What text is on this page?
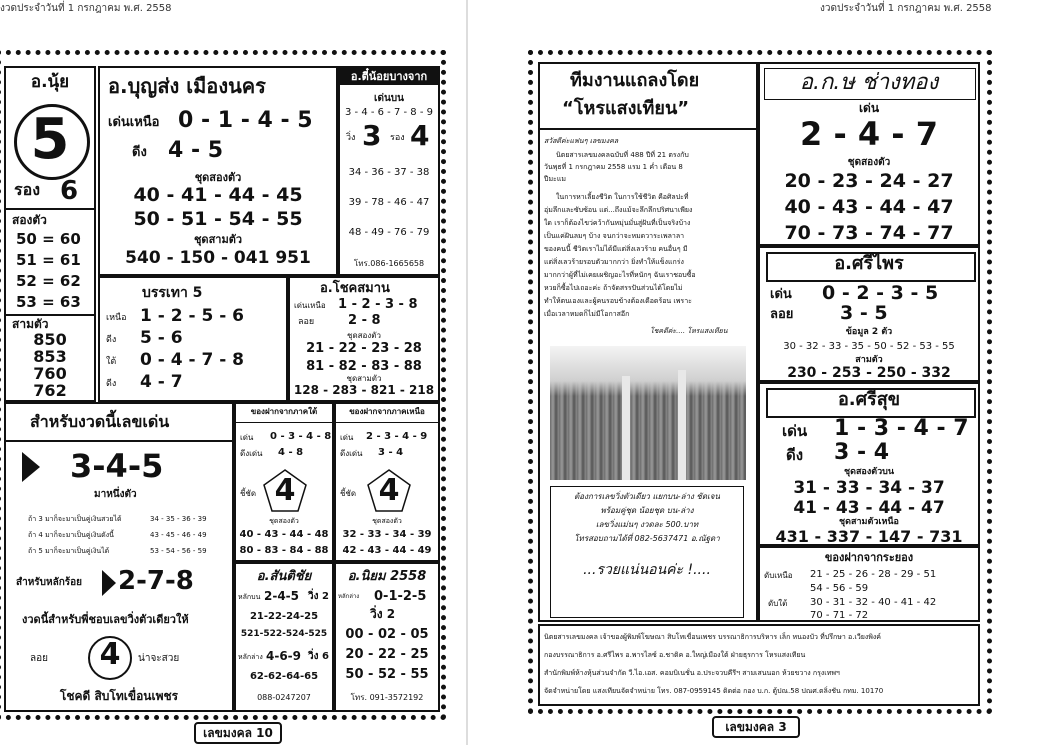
งวดประจำวันที่ 1 กรกฎาคม พ.ศ. 2558
อ.นุ้ย
5
รอง 6
สองตัว
50 = 60
51 = 61
52 = 62
53 = 63
สามตัว
850
853
760
762
อ.บุญส่ง เมืองนคร
เด่นเหนือ 0 - 1 - 4 - 5
ดีง 4 - 5
ชุดสองตัว
40 - 41 - 44 - 45
50 - 51 - 54 - 55
ชุดสามตัว
540 - 150 - 041 951
อ.ตี๋น้อยบางจาก
เด่นบน
3 - 4 - 6 - 7 - 8 - 9
วิ่ง 3 รอง 4
34 - 36 - 37 - 38
39 - 78 - 46 - 47
48 - 49 - 76 - 79
โทร.086-1665658
บรรเทา 5
เหนือ 1 - 2 - 5 - 6
ดีง 5 - 6
ใต้ 0 - 4 - 7 - 8
ดีง 4 - 7
อ.โชคสมาน
เด่นเหนือ 1 - 2 - 3 - 8
ลอย	2 - 8
ชุดสองตัว
21 - 22 - 23 - 28
81 - 82 - 83 - 88
ชุดสามตัว
128 - 283 - 821 - 218
สำหรับงวดนี้เลขเด่น
3-4-5
มาหนึ่งตัว
ถ้า 3 มาก็จะมาเป็นคู่เงินสวยได้	34 - 35 - 36 - 39
ถ้า 4 มาก็จะมาเป็นคู่เงินดังนี้	43 - 45 - 46 - 49
ถ้า 5 มาก็จะมาเป็นคู่เงินได้	53 - 54 - 56 - 59
สำหรับหลักร้อย 2-7-8
งวดนี้สำหรับพี่ชอบเลขวิ่งตัวเดียวให้
ลอย	4	น่าจะสวย
โชคดี สิบโทเขื่อนเพชร
ของฝากจากภาคใต้
เด่น 0 - 3 - 4 - 8
ดีงเด่น 4 - 8
ชี้ชัด 4
ชุดสองตัว
40 - 43 - 44 - 48
80 - 83 - 84 - 88
ของฝากจากภาคเหนือ
เด่น 2 - 3 - 4 - 9
ดีงเด่น 3 - 4
ชี้ชัด 4
ชุดสองตัว
32 - 33 - 34 - 39
42 - 43 - 44 - 49
อ.สันติชัย
หลักบน 2-4-5 วิ่ง 2
21-22-24-25
521-522-524-525
หลักล่าง 4-6-9 วิ่ง 6
62-62-64-65
088-0247207
อ.นิยม 2558
หลักล่าง 0-1-2-5
วิ่ง 2
00 - 02 - 05
20 - 22 - 25
50 - 52 - 55
โทร. 091-3572192
เลขมงคล 10
งวดประจำวันที่ 1 กรกฎาคม พ.ศ. 2558
ทีมงานแถลงโดย
“โหรแสงเทียน”
สวัสดีค่ะแฟนๆ เลขมงคล
นิตยสารเลขมงคลฉบับที่ 488 ปีที่ 21 ตรงกับ
วันพุธที่ 1 กรกฎาคม 2558 แรม 1 ค่ำ เดือน 8
ปีมะแม
ในการหาเลี้ยงชีวิต ในการใช้ชีวิต คือศิลปะที่
อุ่มลึกและซับซ้อน แต่...ถึงแม้จะลึกลึกปริศนาเพียง
ใด เราก็ต้องไขว่คว้ากันหมุ่นมั่นสู่ฝันที่เป็นจริงบ้าง
เป็นแค่ฝันลมๆ บ้าง จนกว่าจะหมดวาระเพลาลา
ของคนนี้ ชีวิตเราไม่ได้มีแต่สิ่งเลวร้าย คนอื่นๆ มี
แต่สิ่งเลวร้ายรอบตัวมากกว่า ยิ่งทำให้แข็งแกร่ง
มากกว่าผู้ที่ไม่เคยเผชิญอะไรที่หนักๆ ฉันเราชอบซื้อ
หวยก็ซื้อไปเถอะค่ะ ถ้าจัดสรรปันส่วนได้โดยไม่
ทำให้ตนเองและผู้คนรอบข้างต้องเดือดร้อน เพราะ
เมื่อเวลาหมดก็ไม่มีโอกาสอีก
โชคดีค่ะ.... โหรแสงเทียน
ต้องการเลขวิ่งตัวเดียว แยกบน-ล่าง ชัดเจน
พร้อมคู่ชุด น้อยชุด บน-ล่าง
เลขวิ่งแม่นๆ งวดละ 500.บาท
โทรสอบถามได้ที่ 082-5637471 อ.ณัฐดา
...รวยแน่นอนค่ะ !....
อ.ก.ษ ช่างทอง
เด่น
2 - 4 - 7
ชุดสองตัว
20 - 23 - 24 - 27
40 - 43 - 44 - 47
70 - 73 - 74 - 77
อ.ศรีไพร
เด่น 0 - 2 - 3 - 5
ลอย 3 - 5
ข้อมูล 2 ตัว
30 - 32 - 33 - 35 - 50 - 52 - 53 - 55
สามตัว
230 - 253 - 250 - 332
อ.ศรีสุข
เด่น 1 - 3 - 4 - 7
ดีง 3 - 4
ชุดสองตัวบน
31 - 33 - 34 - 37
41 - 43 - 44 - 47
ชุดสามตัวเหนือ
431 - 337 - 147 - 731
ของฝากจากระยอง
ดับเหนือ 21 - 25 - 26 - 28 - 29 - 51
54 - 56 - 59
ดับใต้ 30 - 31 - 32 - 40 - 41 - 42
70 - 71 - 72
นิตยสารเลขมงคล เจ้าของผู้พิมพ์โฆษณา สิบโทเขื่อนเพชร บรรณาธิการบริหาร เล็ก หนองบัว ที่ปรึกษา อ.เวียงพิงค์
กองบรรณาธิการ อ.ศรีไพร อ.พารไลซ์ อ.ชาติค อ.ใหญ่เมืองใต้ ฝ่ายธุรการ โหรแสงเทียน
สำนักพิมพ์ห้างหุ้นส่วนจำกัด วี.ไอ.เอส. คอมบิเนชั่น อ.ประจวบคีรีฯ สามเสนนอก ห้วยขวาง กรุงเทพฯ
จัดจำหน่ายโดย แสงเทียนจัดจำหน่าย โทร. 087-0959145 ติดต่อ กอง บ.ก. ตู้ปณ.58 ปณศ.ตลิ่งชัน กทม. 10170
เลขมงคล 3
